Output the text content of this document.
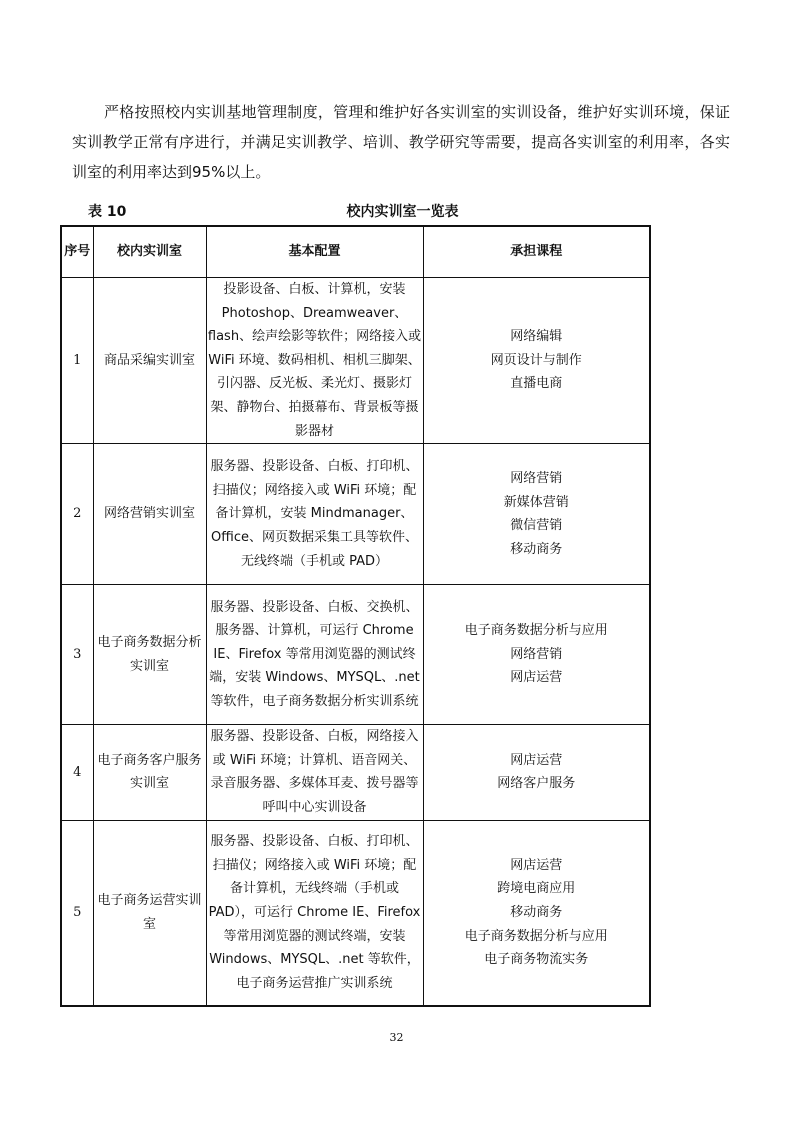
严格按照校内实训基地管理制度，管理和维护好各实训室的实训设备，维护好实训环境，保证实训教学正常有序进行，并满足实训教学、培训、教学研究等需要，提高各实训室的利用率，各实训室的利用率达到95%以上。

表 10	校内实训室一览表
序号	校内实训室	基本配置	承担课程
1	商品采编实训室	投影设备、白板、计算机，安装 Photoshop、Dreamweaver、flash、绘声绘影等软件；网络接入或 WiFi 环境、数码相机、相机三脚架、引闪器、反光板、柔光灯、摄影灯架、静物台、拍摄幕布、背景板等摄影器材	网络编辑
网页设计与制作
直播电商

2	网络营销实训室	服务器、投影设备、白板、打印机、扫描仪；网络接入或 WiFi 环境；配备计算机，安装 Mindmanager、Office、网页数据采集工具等软件、无线终端（手机或 PAD）	网络营销
新媒体营销
微信营销
移动商务

3	电子商务数据分析实训室	服务器、投影设备、白板、交换机、服务器、计算机，可运行 Chrome IE、Firefox 等常用浏览器的测试终端，安装 Windows、MYSQL、.net 等软件，电子商务数据分析实训系统	电子商务数据分析与应用
网络营销
网店运营

4	电子商务客户服务实训室	服务器、投影设备、白板，网络接入或 WiFi 环境；计算机、语音网关、录音服务器、多媒体耳麦、拨号器等呼叫中心实训设备	网店运营
网络客户服务

5	电子商务运营实训室	服务器、投影设备、白板、打印机、扫描仪；网络接入或 WiFi 环境；配备计算机，无线终端（手机或 PAD），可运行 Chrome IE、Firefox 等常用浏览器的测试终端，安装 Windows、MYSQL、.net 等软件，电子商务运营推广实训系统	网店运营
跨境电商应用
移动商务
电子商务数据分析与应用
电子商务物流实务
32
